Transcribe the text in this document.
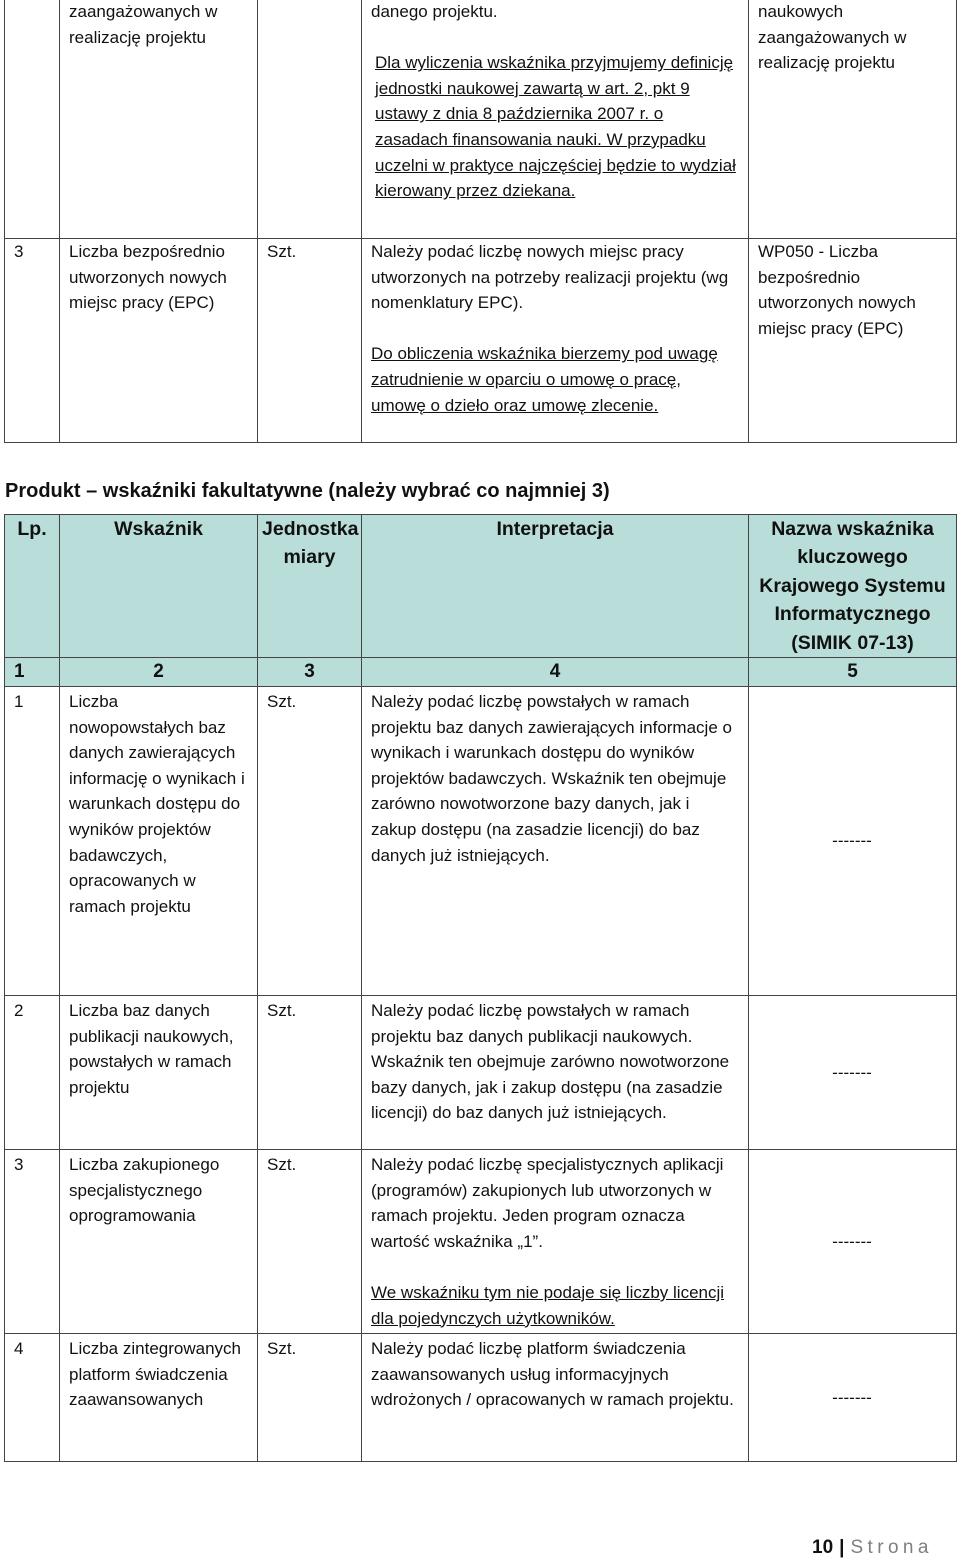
	zaangażowanych w realizację projektu		danego projektu.
Dla wyliczenia wskaźnika przyjmujemy definicję jednostki naukowej zawartą w art. 2, pkt 9 ustawy z dnia 8 października 2007 r. o zasadach finansowania nauki. W przypadku uczelni w praktyce najczęściej będzie to wydział kierowany przez dziekana.	naukowych zaangażowanych w realizację projektu
3	Liczba bezpośrednio utworzonych nowych miejsc pracy (EPC)	Szt.	Należy podać liczbę nowych miejsc pracy utworzonych na potrzeby realizacji projektu (wg nomenklatury EPC).
Do obliczenia wskaźnika bierzemy pod uwagę zatrudnienie w oparciu o umowę o pracę, umowę o dzieło oraz umowę zlecenie.	WP050 - Liczba bezpośrednio utworzonych nowych miejsc pracy (EPC)
Produkt – wskaźniki fakultatywne (należy wybrać co najmniej 3)
Lp.	Wskaźnik	Jednostka miary	Interpretacja	Nazwa wskaźnika kluczowego Krajowego Systemu Informatycznego (SIMIK 07-13)
1	2	3	4	5
1	Liczba nowopowstałych baz danych zawierających informację o wynikach i warunkach dostępu do wyników projektów badawczych, opracowanych w ramach projektu	Szt.	Należy podać liczbę powstałych w ramach projektu baz danych zawierających informacje o wynikach i warunkach dostępu do wyników projektów badawczych. Wskaźnik ten obejmuje zarówno nowotworzone bazy danych, jak i zakup dostępu (na zasadzie licencji) do baz danych już istniejących.	-------
2	Liczba baz danych publikacji naukowych, powstałych w ramach projektu	Szt.	Należy podać liczbę powstałych w ramach projektu baz danych publikacji naukowych. Wskaźnik ten obejmuje zarówno nowotworzone bazy danych, jak i zakup dostępu (na zasadzie licencji) do baz danych już istniejących.	-------
3	Liczba zakupionego specjalistycznego oprogramowania	Szt.	Należy podać liczbę specjalistycznych aplikacji (programów) zakupionych lub utworzonych w ramach projektu. Jeden program oznacza wartość wskaźnika „1”.
We wskaźniku tym nie podaje się liczby licencji dla pojedynczych użytkowników.	-------
4	Liczba zintegrowanych platform świadczenia zaawansowanych	Szt.	Należy podać liczbę platform świadczenia zaawansowanych usług informacyjnych wdrożonych / opracowanych w ramach projektu.	-------
10 | Strona
